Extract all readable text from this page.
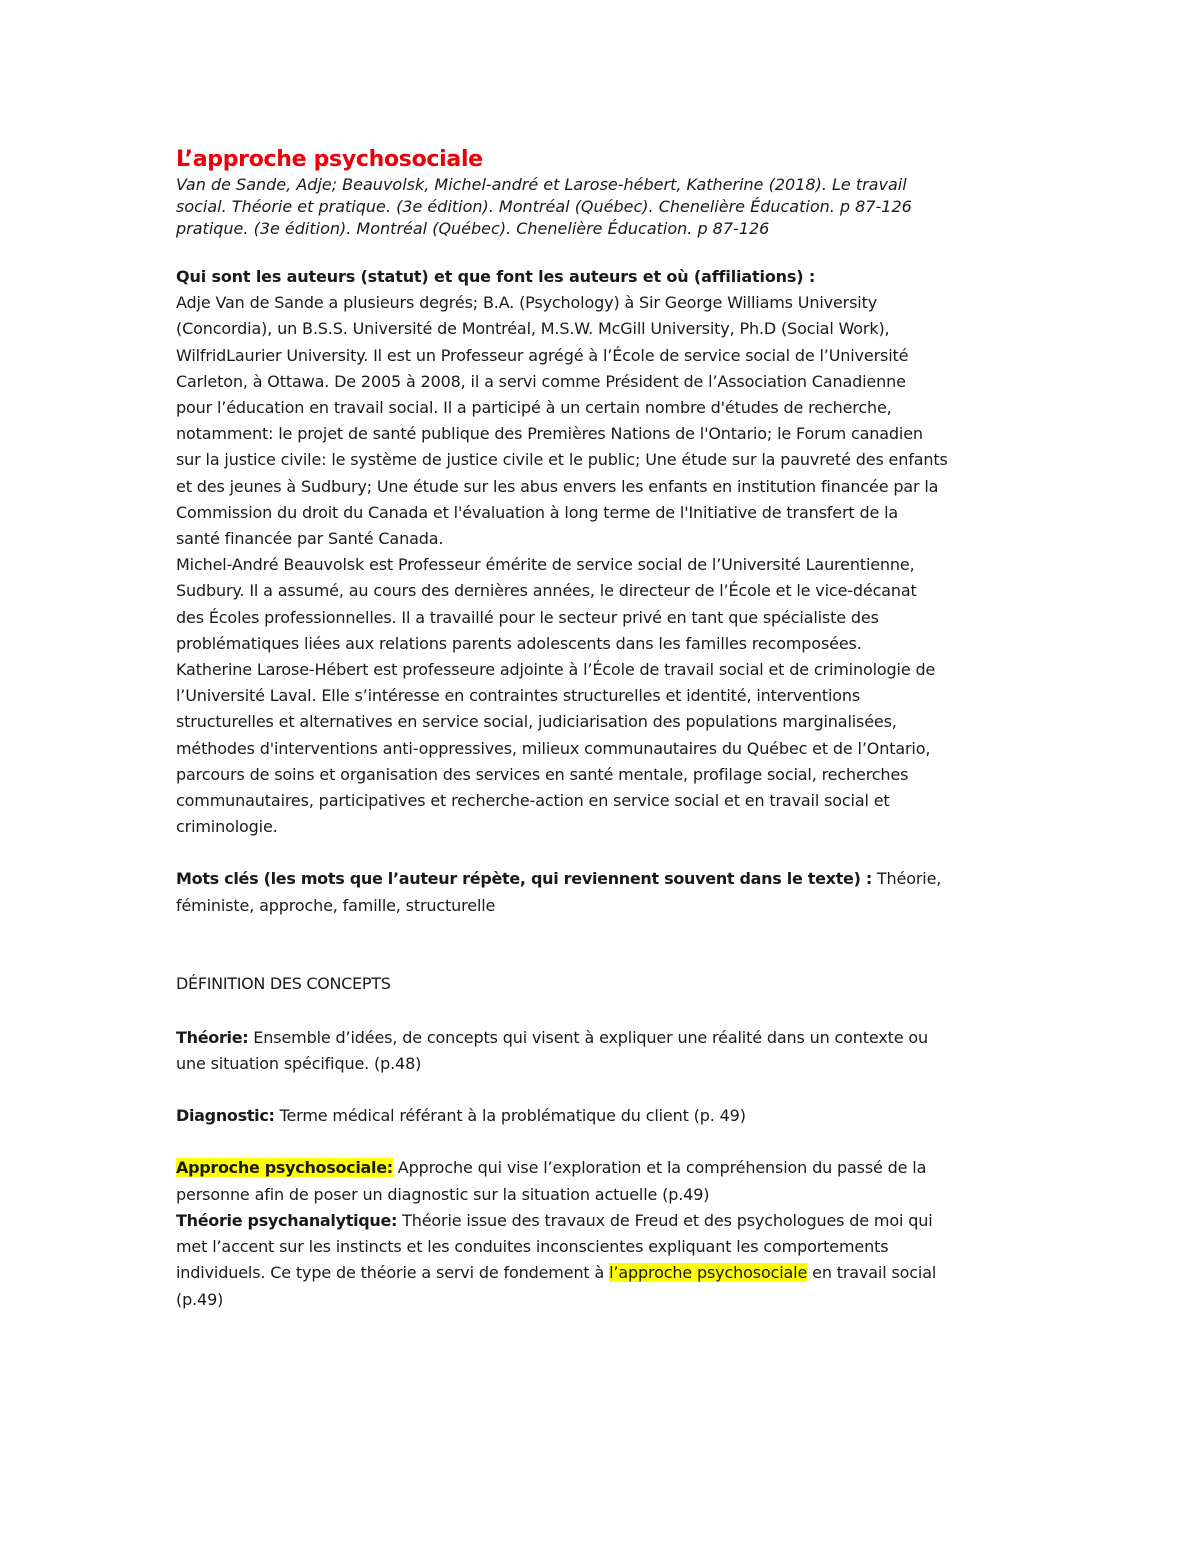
L’approche psychosociale

Van de Sande, Adje; Beauvolsk, Michel-andré et Larose-hébert, Katherine (2018). Le travail
social. Théorie et pratique. (3e édition). Montréal (Québec). Chenelière Éducation. p 87-126
pratique. (3e édition). Montréal (Québec). Chenelière Éducation. p 87-126

Qui sont les auteurs (statut) et que font les auteurs et où (affiliations) :
Adje Van de Sande a plusieurs degrés; B.A. (Psychology) à Sir George Williams University
(Concordia), un B.S.S. Université de Montréal, M.S.W. McGill University, Ph.D (Social Work),
WilfridLaurier University. Il est un Professeur agrégé à l’École de service social de l’Université
Carleton, à Ottawa. De 2005 à 2008, il a servi comme Président de l’Association Canadienne
pour l’éducation en travail social. Il a participé à un certain nombre d'études de recherche,
notamment: le projet de santé publique des Premières Nations de l'Ontario; le Forum canadien
sur la justice civile: le système de justice civile et le public; Une étude sur la pauvreté des enfants
et des jeunes à Sudbury; Une étude sur les abus envers les enfants en institution financée par la
Commission du droit du Canada et l'évaluation à long terme de l'Initiative de transfert de la
santé financée par Santé Canada.
Michel-André Beauvolsk est Professeur émérite de service social de l’Université Laurentienne,
Sudbury. Il a assumé, au cours des dernières années, le directeur de l’École et le vice-décanat
des Écoles professionnelles. Il a travaillé pour le secteur privé en tant que spécialiste des
problématiques liées aux relations parents adolescents dans les familles recomposées.
Katherine Larose-Hébert est professeure adjointe à l’École de travail social et de criminologie de
l’Université Laval. Elle s’intéresse en contraintes structurelles et identité, interventions
structurelles et alternatives en service social, judiciarisation des populations marginalisées,
méthodes d'interventions anti-oppressives, milieux communautaires du Québec et de l’Ontario,
parcours de soins et organisation des services en santé mentale, profilage social, recherches
communautaires, participatives et recherche-action en service social et en travail social et
criminologie.
Mots clés (les mots que l’auteur répète, qui reviennent souvent dans le texte) : Théorie,
féministe, approche, famille, structurelle
DÉFINITION DES CONCEPTS
Théorie: Ensemble d’idées, de concepts qui visent à expliquer une réalité dans un contexte ou
une situation spécifique. (p.48)
Diagnostic: Terme médical référant à la problématique du client (p. 49)
Approche psychosociale: Approche qui vise l’exploration et la compréhension du passé de la
personne afin de poser un diagnostic sur la situation actuelle (p.49)
Théorie psychanalytique: Théorie issue des travaux de Freud et des psychologues de moi qui
met l’accent sur les instincts et les conduites inconscientes expliquant les comportements
individuels. Ce type de théorie a servi de fondement à l’approche psychosociale en travail social
(p.49)
